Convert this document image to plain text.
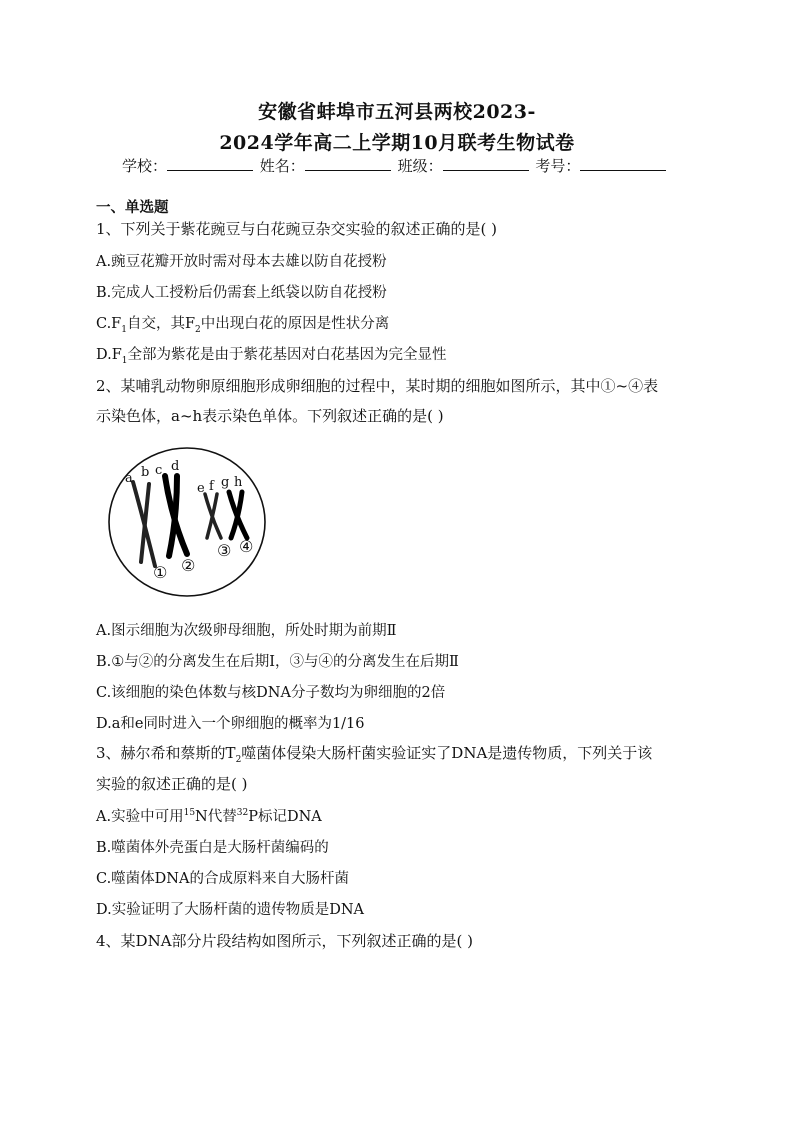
安徽省蚌埠市五河县两校2023-
2024学年高二上学期10月联考生物试卷
学校：	姓名：	班级：	考号：
一、单选题
1、下列关于紫花豌豆与白花豌豆杂交实验的叙述正确的是( )
A.豌豆花瓣开放时需对母本去雄以防自花授粉
B.完成人工授粉后仍需套上纸袋以防自花授粉
$C.F_1$自交，其$F_2$中出现白花的原因是性状分离
$D.F_1$全部为紫花是由于紫花基因对白花基因为完全显性
2、某哺乳动物卵原细胞形成卵细胞的过程中，某时期的细胞如图所示，其中①~④表
示染色体，a~h表示染色单体。下列叙述正确的是( )
a b c d
e f g h
① ②
③ ④
A.图示细胞为次级卵母细胞，所处时期为前期Ⅱ
B.①与②的分离发生在后期Ⅰ，③与④的分离发生在后期Ⅱ
C.该细胞的染色体数与核DNA分子数均为卵细胞的2倍
D.a和e同时进入一个卵细胞的概率为1/16
3、赫尔希和蔡斯的$T_2$噬菌体侵染大肠杆菌实验证实了DNA是遗传物质，下列关于该
实验的叙述正确的是( )
A.实验中可用$^{15}$N代替$^{32}$P标记DNA
B.噬菌体外壳蛋白是大肠杆菌编码的
C.噬菌体DNA的合成原料来自大肠杆菌
D.实验证明了大肠杆菌的遗传物质是DNA
4、某DNA部分片段结构如图所示，下列叙述正确的是( )
